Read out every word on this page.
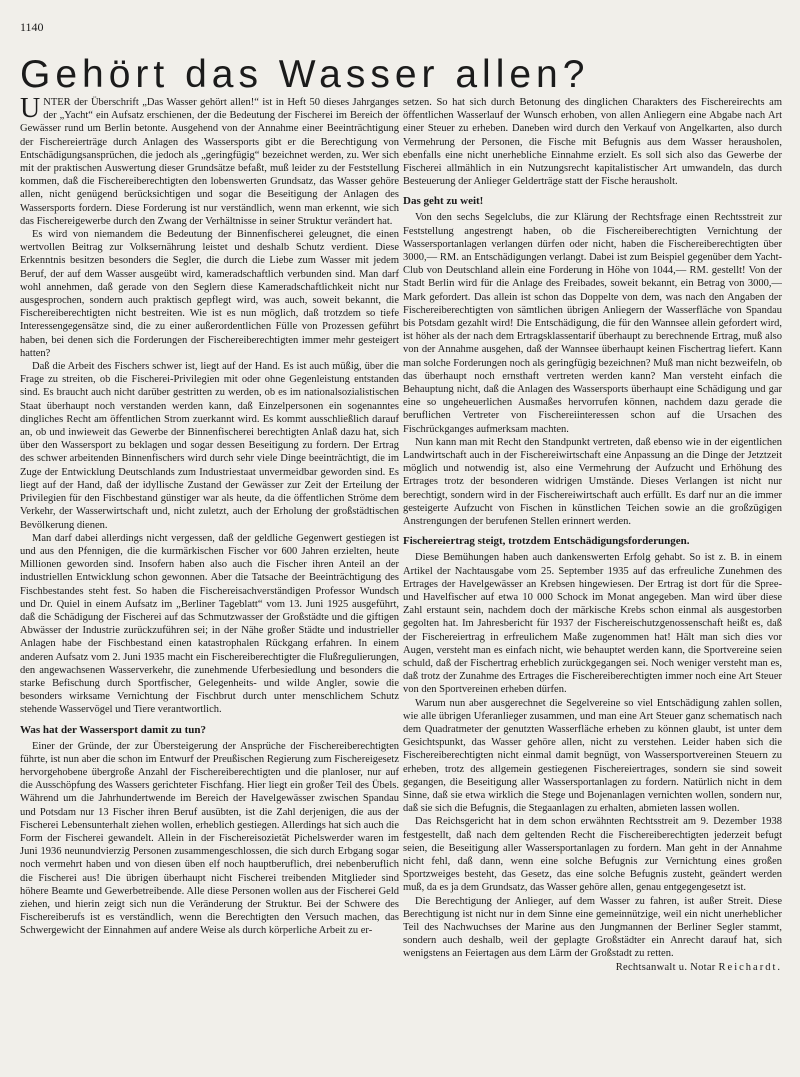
1140
Gehört das Wasser allen?

UNTER der Überschrift „Das Wasser gehört allen!“ ist in Heft 50 dieses Jahrganges der „Yacht“ ein Aufsatz erschienen, der die Bedeutung der Fischerei im Bereich der Gewässer rund um Berlin betonte. Ausgehend von der Annahme einer Beeinträchtigung der Fischereierträge durch Anlagen des Wassersports gibt er die Berechtigung von Entschädigungsansprüchen, die jedoch als „geringfügig“ bezeichnet werden, zu. Wer sich mit der praktischen Auswertung dieser Grundsätze befaßt, muß leider zu der Feststellung kommen, daß die Fischereiberechtigten den lobenswerten Grundsatz, das Wasser gehöre allen, nicht genügend berücksichtigen und sogar die Beseitigung der Anlagen des Wassersports fordern. Diese Forderung ist nur verständlich, wenn man erkennt, wie sich das Fischereigewerbe durch den Zwang der Verhältnisse in seiner Struktur verändert hat.

Es wird von niemandem die Bedeutung der Binnenfischerei geleugnet, die einen wertvollen Beitrag zur Volksernährung leistet und deshalb Schutz verdient. Diese Erkenntnis besitzen besonders die Segler, die durch die Liebe zum Wasser mit jedem Beruf, der auf dem Wasser ausgeübt wird, kameradschaftlich verbunden sind. Man darf wohl annehmen, daß gerade von den Seglern diese Kameradschaftlichkeit nicht nur ausgesprochen, sondern auch praktisch gepflegt wird, was auch, soweit bekannt, die Fischereiberechtigten nicht bestreiten. Wie ist es nun möglich, daß trotzdem so tiefe Interessengegensätze sind, die zu einer außerordentlichen Fülle von Prozessen geführt haben, bei denen sich die Forderungen der Fischereiberechtigten immer mehr gesteigert hatten?

Daß die Arbeit des Fischers schwer ist, liegt auf der Hand. Es ist auch müßig, über die Frage zu streiten, ob die Fischerei-Privilegien mit oder ohne Gegenleistung entstanden sind. Es braucht auch nicht darüber gestritten zu werden, ob es im nationalsozialistischen Staat überhaupt noch verstanden werden kann, daß Einzelpersonen ein sogenanntes dingliches Recht am öffentlichen Strom zuerkannt wird. Es kommt ausschließlich darauf an, ob und inwieweit das Gewerbe der Binnenfischerei berechtigten Anlaß dazu hat, sich über den Wassersport zu beklagen und sogar dessen Beseitigung zu fordern. Der Ertrag des schwer arbeitenden Binnenfischers wird durch sehr viele Dinge beeinträchtigt, die im Zuge der Entwicklung Deutschlands zum Industriestaat unvermeidbar geworden sind. Es liegt auf der Hand, daß der idyllische Zustand der Gewässer zur Zeit der Erteilung der Privilegien für den Fischbestand günstiger war als heute, da die öffentlichen Ströme dem Verkehr, der Wasserwirtschaft und, nicht zuletzt, auch der Erholung der großstädtischen Bevölkerung dienen.

Man darf dabei allerdings nicht vergessen, daß der geldliche Gegenwert gestiegen ist und aus den Pfennigen, die die kurmärkischen Fischer vor 600 Jahren erzielten, heute Millionen geworden sind. Insofern haben also auch die Fischer ihren Anteil an der industriellen Entwicklung schon gewonnen. Aber die Tatsache der Beeinträchtigung des Fischbestandes steht fest. So haben die Fischereisachverständigen Professor Wundsch und Dr. Quiel in einem Aufsatz im „Berliner Tageblatt“ vom 13. Juni 1925 ausgeführt, daß die Schädigung der Fischerei auf das Schmutzwasser der Großstädte und die giftigen Abwässer der Industrie zurückzuführen sei; in der Nähe großer Städte und industrieller Anlagen habe der Fischbestand einen katastrophalen Rückgang erfahren. In einem anderen Aufsatz vom 2. Juni 1935 macht ein Fischereiberechtigter die Flußregulierungen, den angewachsenen Wasserverkehr, die zunehmende Uferbesiedlung und besonders die starke Befischung durch Sportfischer, Gelegenheits- und wilde Angler, sowie die besonders wirksame Vernichtung der Fischbrut durch unter menschlichem Schutz stehende Wasservögel und Tiere verantwortlich.

Was hat der Wassersport damit zu tun?

Einer der Gründe, der zur Übersteigerung der Ansprüche der Fischereiberechtigten führte, ist nun aber die schon im Entwurf der Preußischen Regierung zum Fischereigesetz hervorgehobene übergroße Anzahl der Fischereiberechtigten und die planloser, nur auf die Ausschöpfung des Wassers gerichteter Fischfang. Hier liegt ein großer Teil des Übels. Während um die Jahrhundertwende im Bereich der Havelgewässer zwischen Spandau und Potsdam nur 13 Fischer ihren Beruf ausübten, ist die Zahl derjenigen, die aus der Fischerei Lebensunterhalt ziehen wollen, erheblich gestiegen. Allerdings hat sich auch die Form der Fischerei gewandelt. Allein in der Fischereisozietät Pichelswerder waren im Juni 1936 neunundvierzig Personen zusammengeschlossen, die sich durch Erbgang sogar noch vermehrt haben und von diesen üben elf noch hauptberuflich, drei nebenberuflich die Fischerei aus! Die übrigen überhaupt nicht Fischerei treibenden Mitglieder sind höhere Beamte und Gewerbetreibende. Alle diese Personen wollen aus der Fischerei Geld ziehen, und hierin zeigt sich nun die Veränderung der Struktur. Bei der Schwere des Fischereiberufs ist es verständlich, wenn die Berechtigten den Versuch machen, das Schwergewicht der Einnahmen auf andere Weise als durch körperliche Arbeit zu er-

setzen. So hat sich durch Betonung des dinglichen Charakters des Fischereirechts am öffentlichen Wasserlauf der Wunsch erhoben, von allen Anliegern eine Abgabe nach Art einer Steuer zu erheben. Daneben wird durch den Verkauf von Angelkarten, also durch Vermehrung der Personen, die Fische mit Befugnis aus dem Wasser herausholen, ebenfalls eine nicht unerhebliche Einnahme erzielt. Es soll sich also das Gewerbe der Fischerei allmählich in ein Nutzungsrecht kapitalistischer Art umwandeln, das durch Besteuerung der Anlieger Gelderträge statt der Fische herausholt.

Das geht zu weit!

Von den sechs Segelclubs, die zur Klärung der Rechtsfrage einen Rechtsstreit zur Feststellung angestrengt haben, ob die Fischereiberechtigten Vernichtung der Wassersportanlagen verlangen dürfen oder nicht, haben die Fischereiberechtigten über 3000,— RM. an Entschädigungen verlangt. Dabei ist zum Beispiel gegenüber dem Yacht-Club von Deutschland allein eine Forderung in Höhe von 1044,— RM. gestellt! Von der Stadt Berlin wird für die Anlage des Freibades, soweit bekannt, ein Betrag von 3000,— Mark gefordert. Das allein ist schon das Doppelte von dem, was nach den Angaben der Fischereiberechtigten von sämtlichen übrigen Anliegern der Wasserfläche von Spandau bis Potsdam gezahlt wird! Die Entschädigung, die für den Wannsee allein gefordert wird, ist höher als der nach dem Ertragsklassentarif überhaupt zu berechnende Ertrag, muß also von der Annahme ausgehen, daß der Wannsee überhaupt keinen Fischertrag liefert. Kann man solche Forderungen noch als geringfügig bezeichnen? Muß man nicht bezweifeln, ob das überhaupt noch ernsthaft vertreten werden kann? Man versteht einfach die Behauptung nicht, daß die Anlagen des Wassersports überhaupt eine Schädigung und gar eine so ungeheuerlichen Ausmaßes hervorrufen können, nachdem dazu gerade die beruflichen Vertreter von Fischereiinteressen schon auf die Ursachen des Fischrückganges aufmerksam machten.

Nun kann man mit Recht den Standpunkt vertreten, daß ebenso wie in der eigentlichen Landwirtschaft auch in der Fischereiwirtschaft eine Anpassung an die Dinge der Jetztzeit möglich und notwendig ist, also eine Vermehrung der Aufzucht und Erhöhung des Ertrages trotz der besonderen widrigen Umstände. Dieses Verlangen ist nicht nur berechtigt, sondern wird in der Fischereiwirtschaft auch erfüllt. Es darf nur an die immer gesteigerte Aufzucht von Fischen in künstlichen Teichen sowie an die großzügigen Anstrengungen der berufenen Stellen erinnert werden.

Fischereiertrag steigt, trotzdem Entschädigungsforderungen.

Diese Bemühungen haben auch dankenswerten Erfolg gehabt. So ist z. B. in einem Artikel der Nachtausgabe vom 25. September 1935 auf das erfreuliche Zunehmen des Ertrages der Havelgewässer an Krebsen hingewiesen. Der Ertrag ist dort für die Spree- und Havelfischer auf etwa 10 000 Schock im Monat angegeben. Man wird über diese Zahl erstaunt sein, nachdem doch der märkische Krebs schon einmal als ausgestorben gegolten hat. Im Jahresbericht für 1937 der Fischereischutzgenossenschaft heißt es, daß der Fischereiertrag in erfreulichem Maße zugenommen hat! Hält man sich dies vor Augen, versteht man es einfach nicht, wie behauptet werden kann, die Sportvereine seien schuld, daß der Fischertrag erheblich zurückgegangen sei. Noch weniger versteht man es, daß trotz der Zunahme des Ertrages die Fischereiberechtigten immer noch eine Art Steuer von den Sportvereinen erheben dürfen.

Warum nun aber ausgerechnet die Segelvereine so viel Entschädigung zahlen sollen, wie alle übrigen Uferanlieger zusammen, und man eine Art Steuer ganz schematisch nach dem Quadratmeter der genutzten Wasserfläche erheben zu können glaubt, ist unter dem Gesichtspunkt, das Wasser gehöre allen, nicht zu verstehen. Leider haben sich die Fischereiberechtigten nicht einmal damit begnügt, von Wassersportvereinen Steuern zu erheben, trotz des allgemein gestiegenen Fischereiertrages, sondern sie sind soweit gegangen, die Beseitigung aller Wassersportanlagen zu fordern. Natürlich nicht in dem Sinne, daß sie etwa wirklich die Stege und Bojenanlagen vernichten wollen, sondern nur, daß sie sich die Befugnis, die Stegaanlagen zu erhalten, abmieten lassen wollen.

Das Reichsgericht hat in dem schon erwähnten Rechtsstreit am 9. Dezember 1938 festgestellt, daß nach dem geltenden Recht die Fischereiberechtigten jederzeit befugt seien, die Beseitigung aller Wassersportanlagen zu fordern. Man geht in der Annahme nicht fehl, daß dann, wenn eine solche Befugnis zur Vernichtung eines großen Sportzweiges besteht, das Gesetz, das eine solche Befugnis zusteht, geändert werden muß, da es ja dem Grundsatz, das Wasser gehöre allen, genau entgegengesetzt ist.

Die Berechtigung der Anlieger, auf dem Wasser zu fahren, ist außer Streit. Diese Berechtigung ist nicht nur in dem Sinne eine gemeinnützige, weil ein nicht unerheblicher Teil des Nachwuchses der Marine aus den Jungmannen der Berliner Segler stammt, sondern auch deshalb, weil der geplagte Großstädter ein Anrecht darauf hat, sich wenigstens an Feiertagen aus dem Lärm der Großstadt zu retten.

Rechtsanwalt u. Notar Reichardt.
